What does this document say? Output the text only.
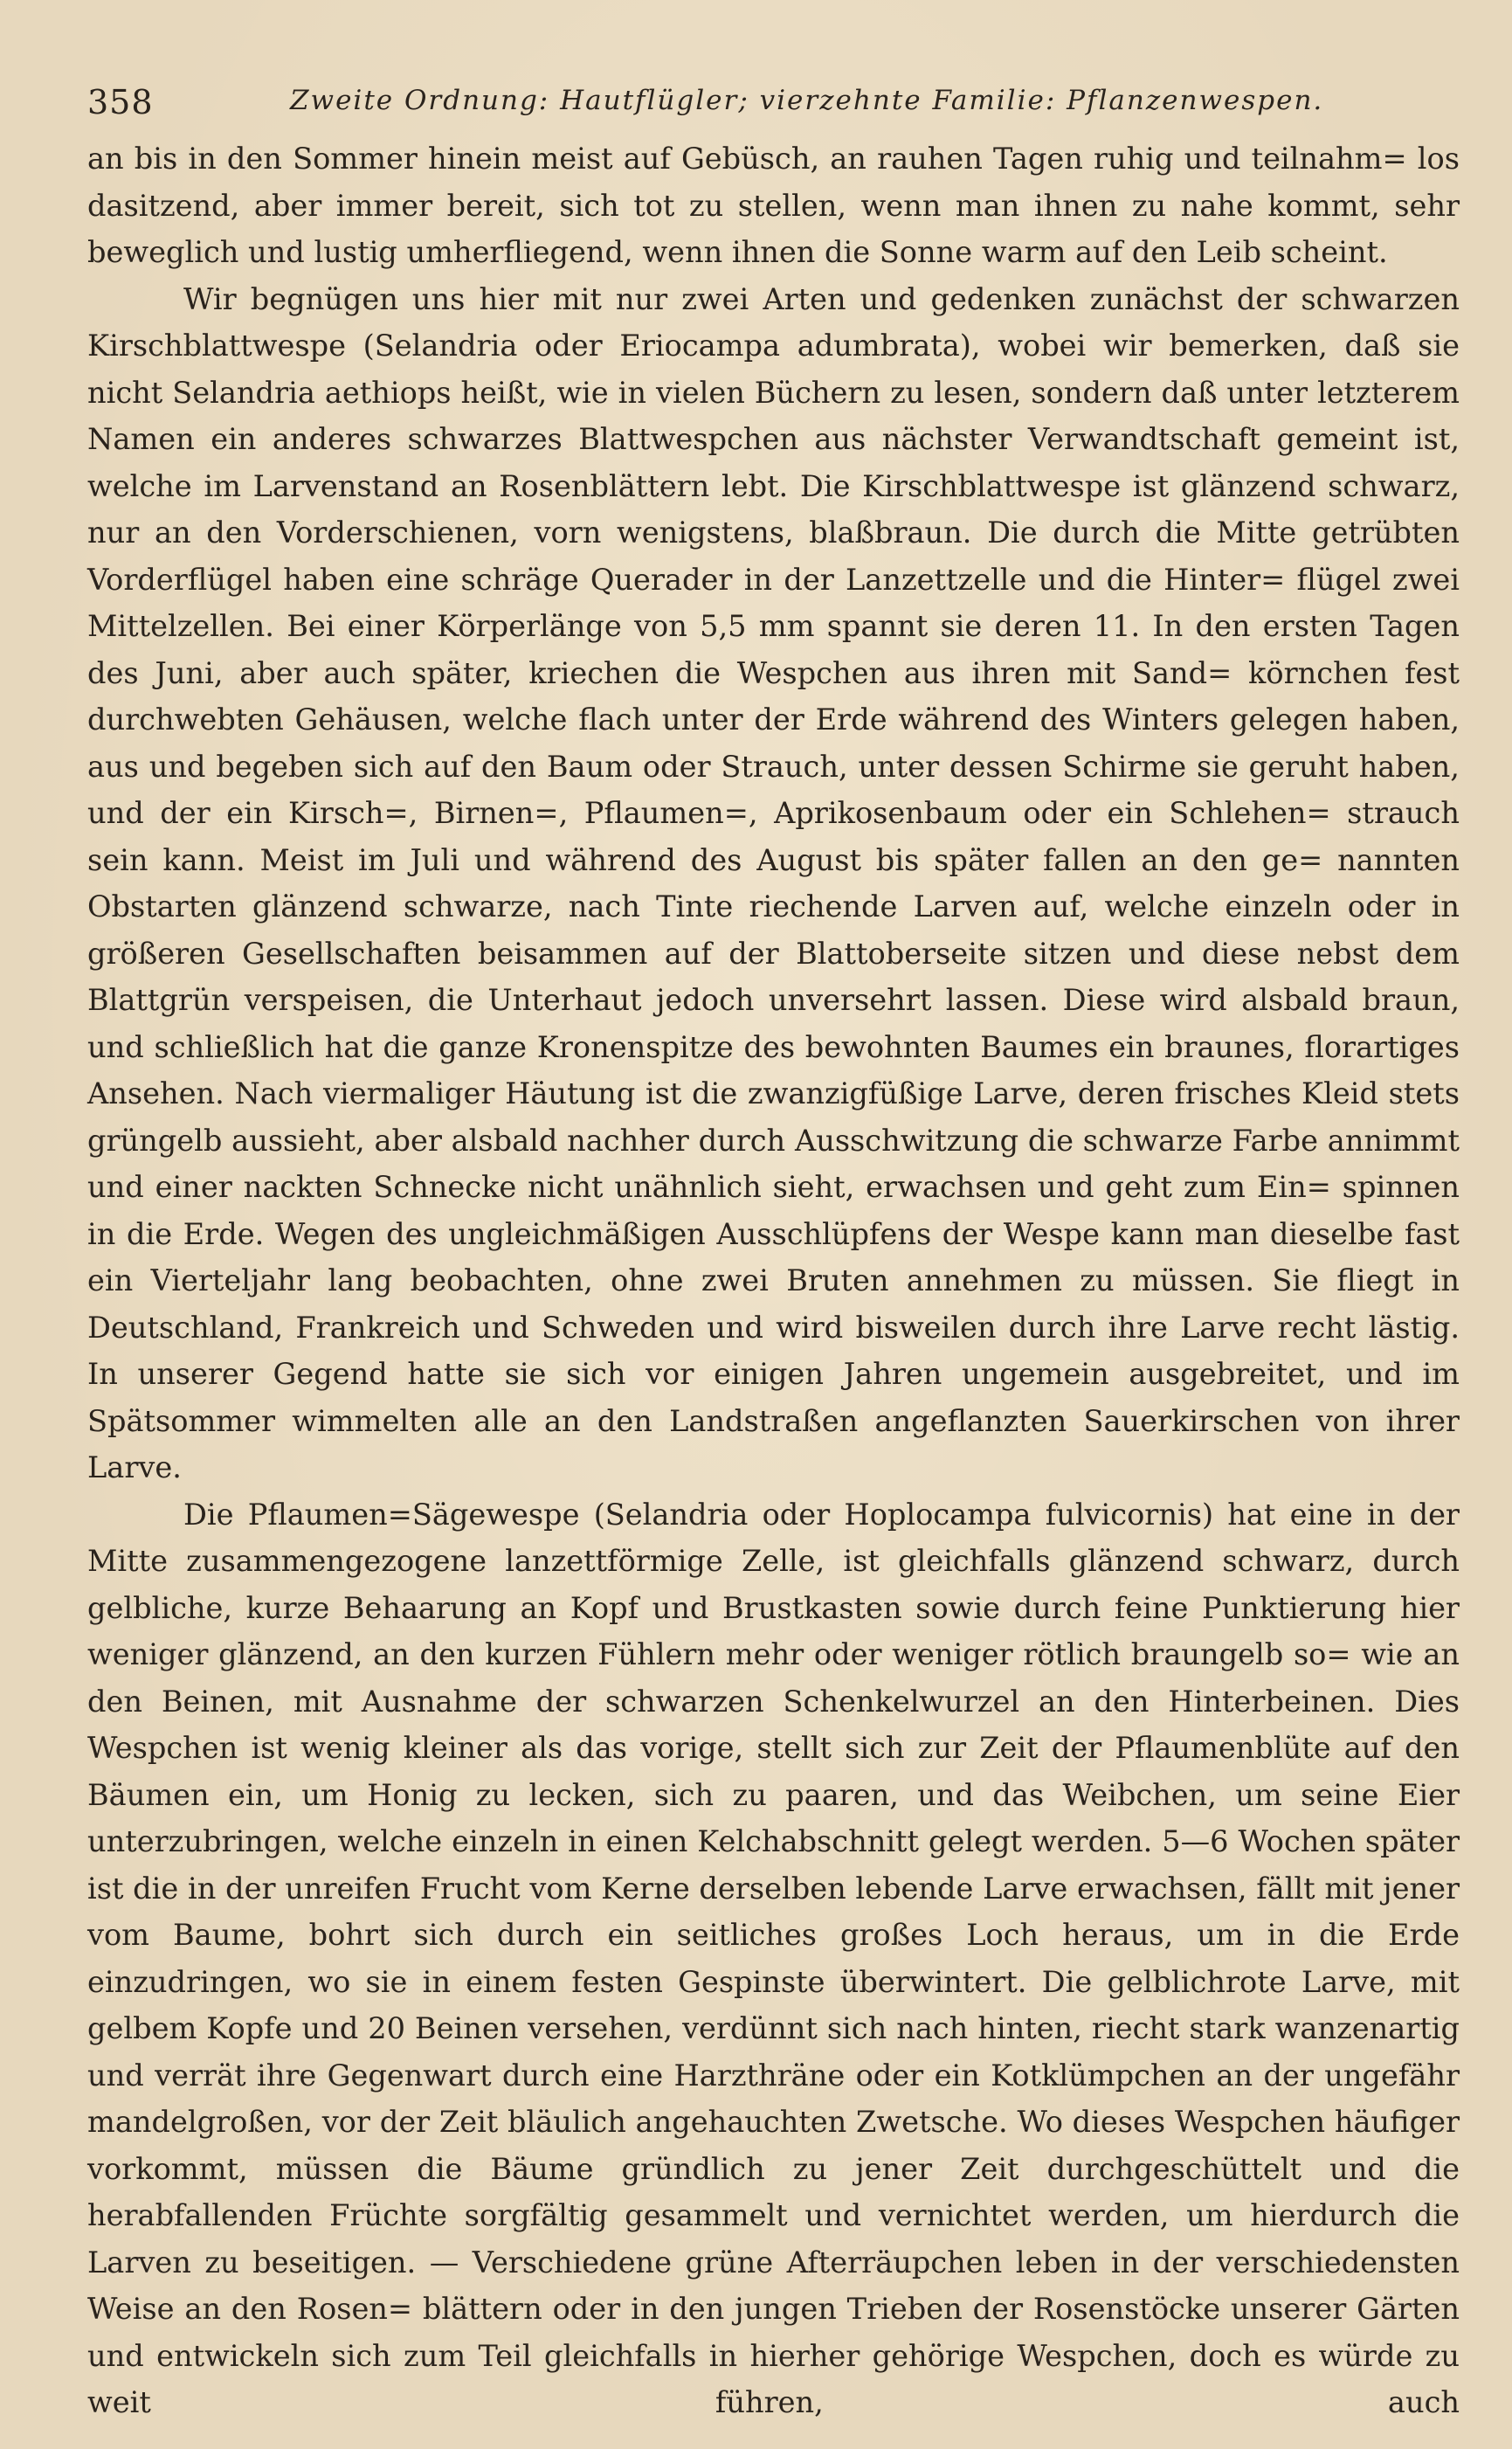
358	Zweite Ordnung: Hautflügler; vierzehnte Familie: Pflanzenwespen.

an bis in den Sommer hinein meist auf Gebüsch, an rauhen Tagen ruhig und teilnahm= los dasitzend, aber immer bereit, sich tot zu stellen, wenn man ihnen zu nahe kommt, sehr beweglich und lustig umherfliegend, wenn ihnen die Sonne warm auf den Leib scheint.

Wir begnügen uns hier mit nur zwei Arten und gedenken zunächst der schwarzen Kirschblattwespe (Selandria oder Eriocampa adumbrata), wobei wir bemerken, daß sie nicht Selandria aethiops heißt, wie in vielen Büchern zu lesen, sondern daß unter letzterem Namen ein anderes schwarzes Blattwespchen aus nächster Verwandtschaft gemeint ist, welche im Larvenstand an Rosenblättern lebt. Die Kirschblattwespe ist glänzend schwarz, nur an den Vorderschienen, vorn wenigstens, blaßbraun. Die durch die Mitte getrübten Vorderflügel haben eine schräge Querader in der Lanzettzelle und die Hinter= flügel zwei Mittelzellen. Bei einer Körperlänge von 5,5 mm spannt sie deren 11. In den ersten Tagen des Juni, aber auch später, kriechen die Wespchen aus ihren mit Sand= körnchen fest durchwebten Gehäusen, welche flach unter der Erde während des Winters gelegen haben, aus und begeben sich auf den Baum oder Strauch, unter dessen Schirme sie geruht haben, und der ein Kirsch=, Birnen=, Pflaumen=, Aprikosenbaum oder ein Schlehen= strauch sein kann. Meist im Juli und während des August bis später fallen an den ge= nannten Obstarten glänzend schwarze, nach Tinte riechende Larven auf, welche einzeln oder in größeren Gesellschaften beisammen auf der Blattoberseite sitzen und diese nebst dem Blattgrün verspeisen, die Unterhaut jedoch unversehrt lassen. Diese wird alsbald braun, und schließlich hat die ganze Kronenspitze des bewohnten Baumes ein braunes, florartiges Ansehen. Nach viermaliger Häutung ist die zwanzigfüßige Larve, deren frisches Kleid stets grüngelb aussieht, aber alsbald nachher durch Ausschwitzung die schwarze Farbe annimmt und einer nackten Schnecke nicht unähnlich sieht, erwachsen und geht zum Ein= spinnen in die Erde. Wegen des ungleichmäßigen Ausschlüpfens der Wespe kann man dieselbe fast ein Vierteljahr lang beobachten, ohne zwei Bruten annehmen zu müssen. Sie fliegt in Deutschland, Frankreich und Schweden und wird bisweilen durch ihre Larve recht lästig. In unserer Gegend hatte sie sich vor einigen Jahren ungemein ausgebreitet, und im Spätsommer wimmelten alle an den Landstraßen angeflanzten Sauerkirschen von ihrer Larve.

Die Pflaumen=Sägewespe (Selandria oder Hoplocampa fulvicornis) hat eine in der Mitte zusammengezogene lanzettförmige Zelle, ist gleichfalls glänzend schwarz, durch gelbliche, kurze Behaarung an Kopf und Brustkasten sowie durch feine Punktierung hier weniger glänzend, an den kurzen Fühlern mehr oder weniger rötlich braungelb so= wie an den Beinen, mit Ausnahme der schwarzen Schenkelwurzel an den Hinterbeinen. Dies Wespchen ist wenig kleiner als das vorige, stellt sich zur Zeit der Pflaumenblüte auf den Bäumen ein, um Honig zu lecken, sich zu paaren, und das Weibchen, um seine Eier unterzubringen, welche einzeln in einen Kelchabschnitt gelegt werden. 5—6 Wochen später ist die in der unreifen Frucht vom Kerne derselben lebende Larve erwachsen, fällt mit jener vom Baume, bohrt sich durch ein seitliches großes Loch heraus, um in die Erde einzudringen, wo sie in einem festen Gespinste überwintert. Die gelblichrote Larve, mit gelbem Kopfe und 20 Beinen versehen, verdünnt sich nach hinten, riecht stark wanzenartig und verrät ihre Gegenwart durch eine Harzthräne oder ein Kotklümpchen an der ungefähr mandelgroßen, vor der Zeit bläulich angehauchten Zwetsche. Wo dieses Wespchen häufiger vorkommt, müssen die Bäume gründlich zu jener Zeit durchgeschüttelt und die herabfallenden Früchte sorgfältig gesammelt und vernichtet werden, um hierdurch die Larven zu beseitigen. — Verschiedene grüne Afterräupchen leben in der verschiedensten Weise an den Rosen= blättern oder in den jungen Trieben der Rosenstöcke unserer Gärten und entwickeln sich zum Teil gleichfalls in hierher gehörige Wespchen, doch es würde zu weit führen, auch
